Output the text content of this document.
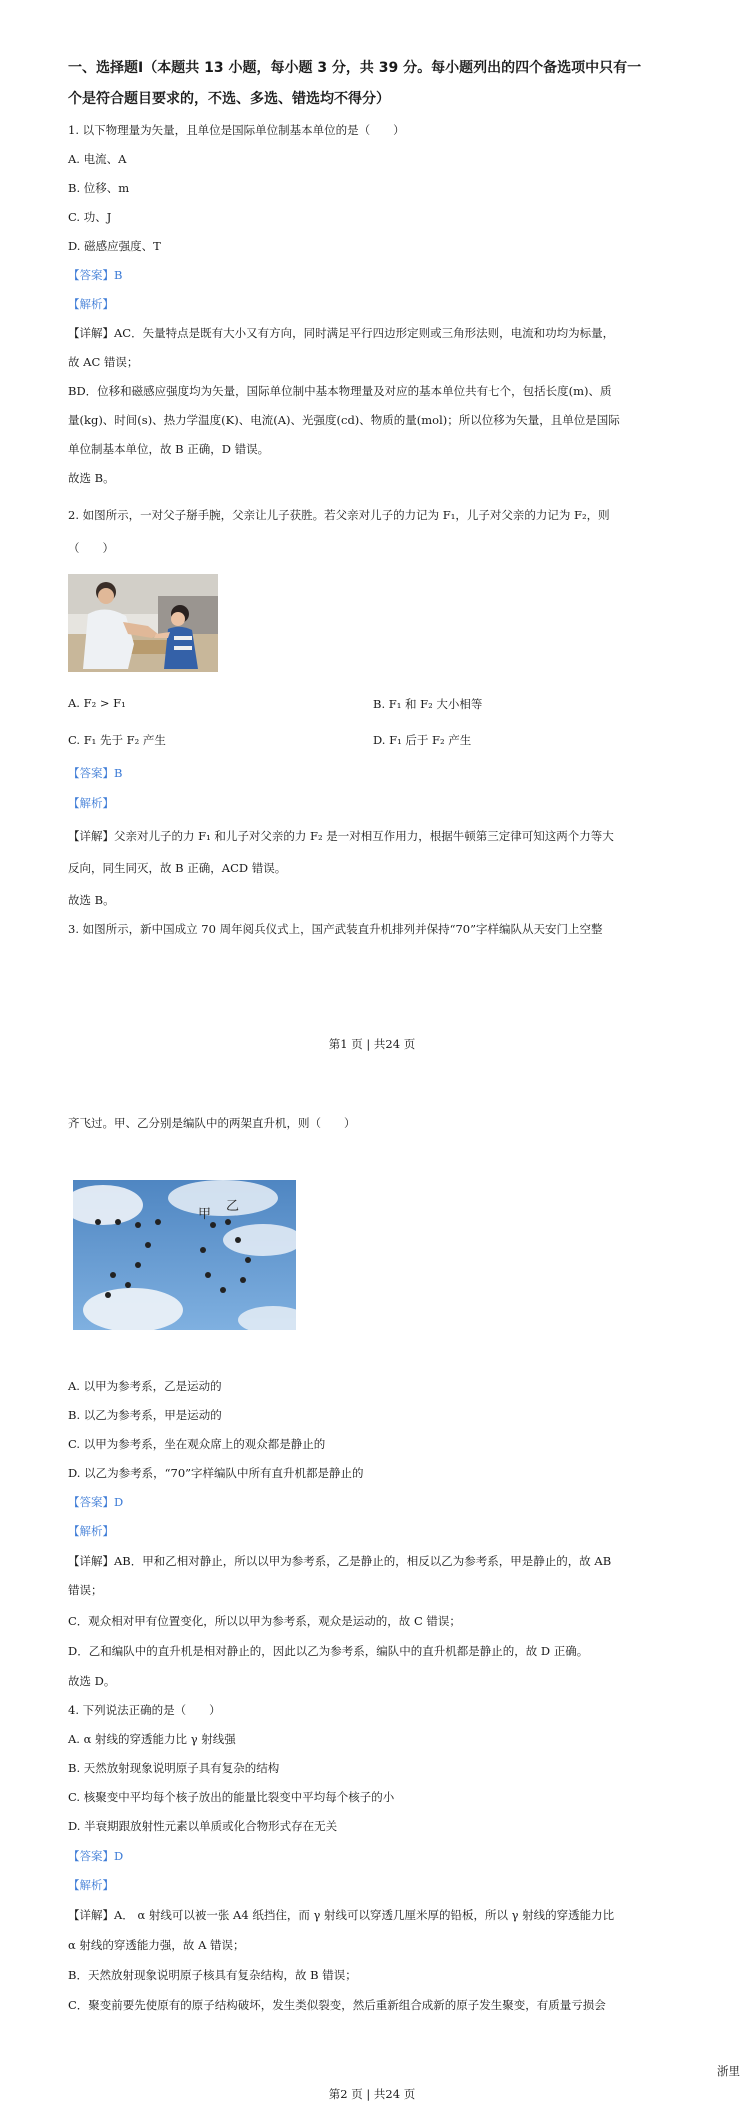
一、选择题Ⅰ（本题共 13 小题，每小题 3 分，共 39 分。每小题列出的四个备选项中只有一
个是符合题目要求的，不选、多选、错选均不得分）
1. 以下物理量为矢量，且单位是国际单位制基本单位的是（　　）
A. 电流、A
B. 位移、m
C. 功、J
D. 磁感应强度、T
【答案】B
【解析】
【详解】AC．矢量特点是既有大小又有方向，同时满足平行四边形定则或三角形法则，电流和功均为标量，
故 AC 错误；
BD．位移和磁感应强度均为矢量，国际单位制中基本物理量及对应的基本单位共有七个，包括长度(m)、质
量(kg)、时间(s)、热力学温度(K)、电流(A)、光强度(cd)、物质的量(mol)；所以位移为矢量，且单位是国际
单位制基本单位，故 B 正确，D 错误。
故选 B。
2. 如图所示，一对父子掰手腕，父亲让儿子获胜。若父亲对儿子的力记为 F₁，儿子对父亲的力记为 F₂，则
（　　）
A. F₂ > F₁	B. F₁ 和 F₂ 大小相等
C. F₁ 先于 F₂ 产生	D. F₁ 后于 F₂ 产生
【答案】B
【解析】
【详解】父亲对儿子的力 F₁ 和儿子对父亲的力 F₂ 是一对相互作用力，根据牛顿第三定律可知这两个力等大
反向，同生同灭，故 B 正确，ACD 错误。
故选 B。
3. 如图所示，新中国成立 70 周年阅兵仪式上，国产武装直升机排列并保持“70”字样编队从天安门上空整
第1 页 | 共24 页
齐飞过。甲、乙分别是编队中的两架直升机，则（　　）
甲
乙
A. 以甲为参考系，乙是运动的
B. 以乙为参考系，甲是运动的
C. 以甲为参考系，坐在观众席上的观众都是静止的
D. 以乙为参考系，“70”字样编队中所有直升机都是静止的
【答案】D
【解析】
【详解】AB．甲和乙相对静止，所以以甲为参考系，乙是静止的，相反以乙为参考系，甲是静止的，故 AB
错误；
C．观众相对甲有位置变化，所以以甲为参考系，观众是运动的，故 C 错误；
D．乙和编队中的直升机是相对静止的，因此以乙为参考系，编队中的直升机都是静止的，故 D 正确。
故选 D。
4. 下列说法正确的是（　　）
A. α 射线的穿透能力比 γ 射线强
B. 天然放射现象说明原子具有复杂的结构
C. 核聚变中平均每个核子放出的能量比裂变中平均每个核子的小
D. 半衰期跟放射性元素以单质或化合物形式存在无关
【答案】D
【解析】
【详解】A． α 射线可以被一张 A4 纸挡住，而 γ 射线可以穿透几厘米厚的铅板，所以 γ 射线的穿透能力比
α 射线的穿透能力强，故 A 错误；
B．天然放射现象说明原子核具有复杂结构，故 B 错误；
C．聚变前要先使原有的原子结构破坏，发生类似裂变，然后重新组合成新的原子发生聚变，有质量亏损会
浙里
第2 页 | 共24 页
